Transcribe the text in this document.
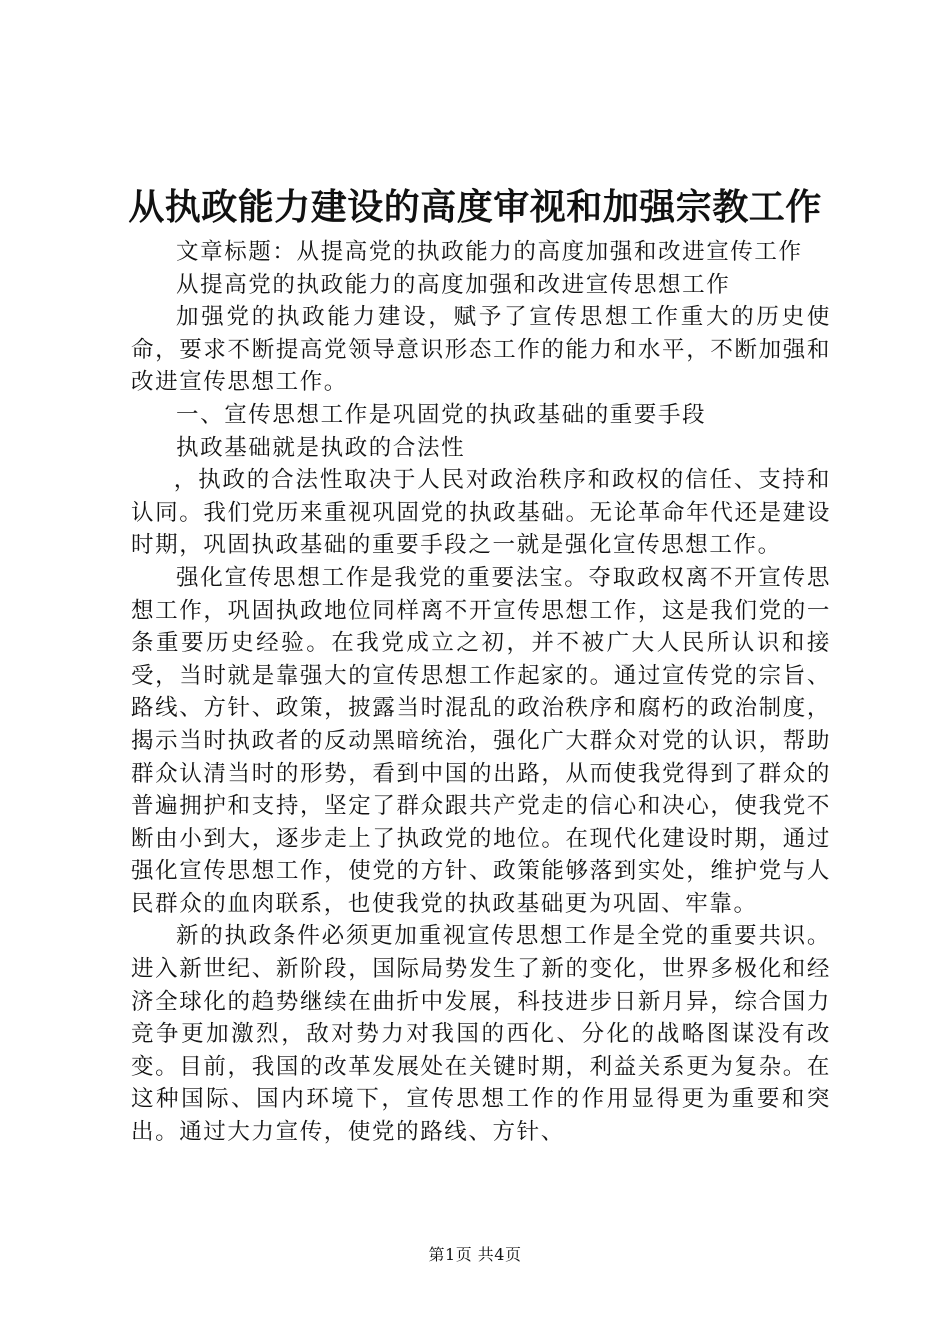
从执政能力建设的高度审视和加强宗教工作

文章标题：从提高党的执政能力的高度加强和改进宣传工作

从提高党的执政能力的高度加强和改进宣传思想工作

加强党的执政能力建设，赋予了宣传思想工作重大的历史使命，要求不断提高党领导意识形态工作的能力和水平，不断加强和改进宣传思想工作。

一、宣传思想工作是巩固党的执政基础的重要手段

执政基础就是执政的合法性

，执政的合法性取决于人民对政治秩序和政权的信任、支持和认同。我们党历来重视巩固党的执政基础。无论革命年代还是建设时期，巩固执政基础的重要手段之一就是强化宣传思想工作。

强化宣传思想工作是我党的重要法宝。夺取政权离不开宣传思想工作，巩固执政地位同样离不开宣传思想工作，这是我们党的一条重要历史经验。在我党成立之初，并不被广大人民所认识和接受，当时就是靠强大的宣传思想工作起家的。通过宣传党的宗旨、路线、方针、政策，披露当时混乱的政治秩序和腐朽的政治制度，揭示当时执政者的反动黑暗统治，强化广大群众对党的认识，帮助群众认清当时的形势，看到中国的出路，从而使我党得到了群众的普遍拥护和支持，坚定了群众跟共产党走的信心和决心，使我党不断由小到大，逐步走上了执政党的地位。在现代化建设时期，通过强化宣传思想工作，使党的方针、政策能够落到实处，维护党与人民群众的血肉联系，也使我党的执政基础更为巩固、牢靠。

新的执政条件必须更加重视宣传思想工作是全党的重要共识。进入新世纪、新阶段，国际局势发生了新的变化，世界多极化和经济全球化的趋势继续在曲折中发展，科技进步日新月异，综合国力竞争更加激烈，敌对势力对我国的西化、分化的战略图谋没有改变。目前，我国的改革发展处在关键时期，利益关系更为复杂。在这种国际、国内环境下，宣传思想工作的作用显得更为重要和突出。通过大力宣传，使党的路线、方针、

第1页 共4页
